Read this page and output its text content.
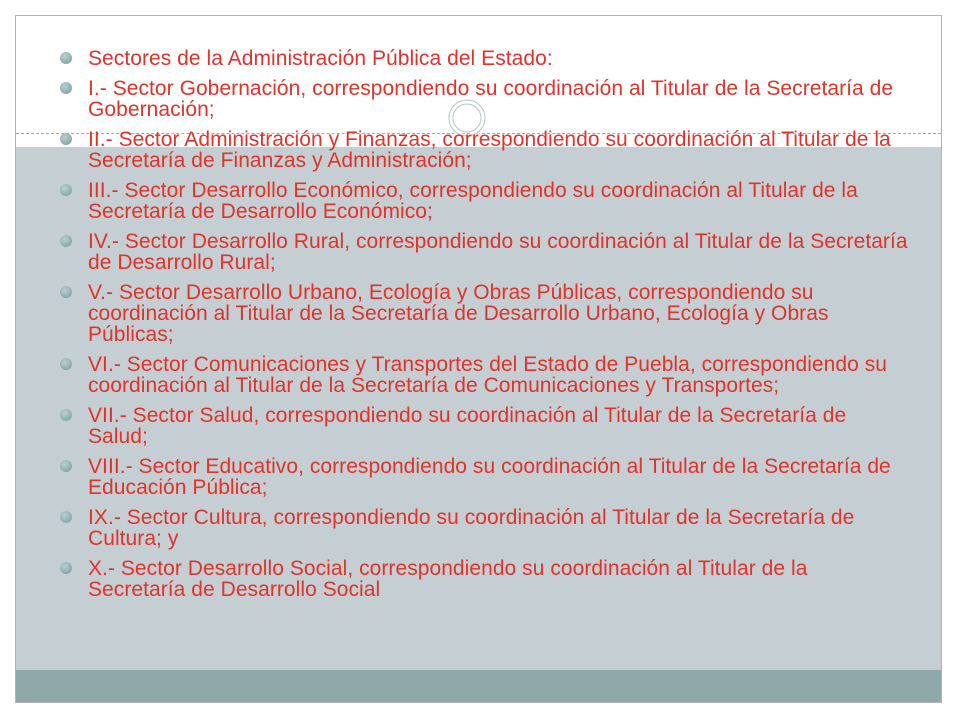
Sectores de la Administración Pública del Estado:
I.- Sector Gobernación, correspondiendo su coordinación al Titular de la Secretaría de Gobernación;
II.- Sector Administración y Finanzas, correspondiendo su coordinación al Titular de la Secretaría de Finanzas y Administración;
III.- Sector Desarrollo Económico, correspondiendo su coordinación al Titular de la Secretaría de Desarrollo Económico;
IV.- Sector Desarrollo Rural, correspondiendo su coordinación al Titular de la Secretaría de Desarrollo Rural;
V.- Sector Desarrollo Urbano, Ecología y Obras Públicas, correspondiendo su coordinación al Titular de la Secretaría de Desarrollo Urbano, Ecología y Obras Públicas;
VI.- Sector Comunicaciones y Transportes del Estado de Puebla, correspondiendo su coordinación al Titular de la Secretaría de Comunicaciones y Transportes;
VII.- Sector Salud, correspondiendo su coordinación al Titular de la Secretaría de Salud;
VIII.- Sector Educativo, correspondiendo su coordinación al Titular de la Secretaría de Educación Pública;
IX.- Sector Cultura, correspondiendo su coordinación al Titular de la Secretaría de Cultura; y
X.- Sector Desarrollo Social, correspondiendo su coordinación al Titular de la Secretaría de Desarrollo Social
